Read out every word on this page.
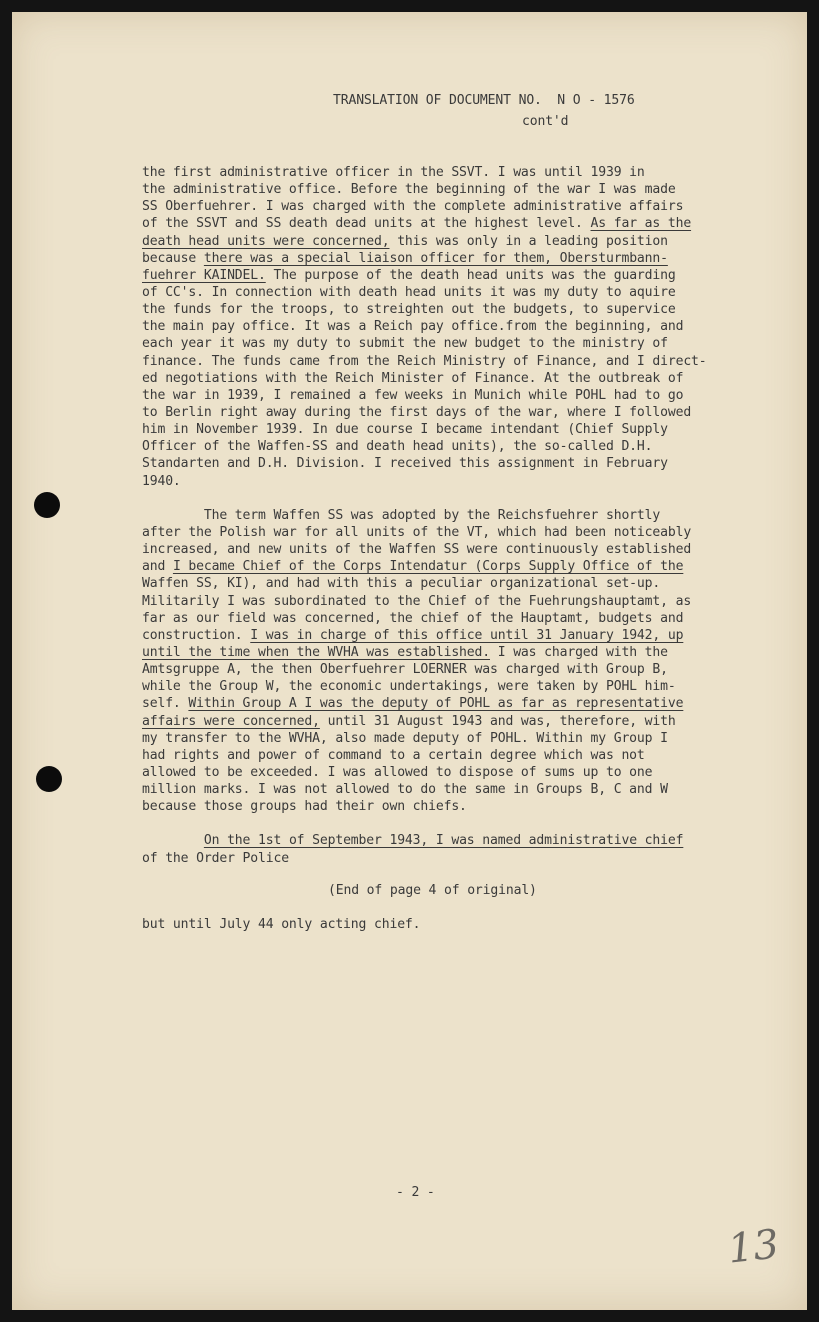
TRANSLATION OF DOCUMENT NO.  N O - 1576
cont'd
the first administrative officer in the SSVT. I was until 1939 in
the administrative office. Before the beginning of the war I was made
SS Oberfuehrer. I was charged with the complete administrative affairs
of the SSVT and SS death dead units at the highest level. As far as the
death head units were concerned, this was only in a leading position
because there was a special liaison officer for them, Obersturmbann-
fuehrer KAINDEL. The purpose of the death head units was the guarding
of CC's. In connection with death head units it was my duty to aquire
the funds for the troops, to streighten out the budgets, to supervice
the main pay office. It was a Reich pay office.from the beginning, and
each year it was my duty to submit the new budget to the ministry of
finance. The funds came from the Reich Ministry of Finance, and I direct-
ed negotiations with the Reich Minister of Finance. At the outbreak of
the war in 1939, I remained a few weeks in Munich while POHL had to go
to Berlin right away during the first days of the war, where I followed
him in November 1939. In due course I became intendant (Chief Supply
Officer of the Waffen-SS and death head units), the so-called D.H.
Standarten and D.H. Division. I received this assignment in February
1940.
The term Waffen SS was adopted by the Reichsfuehrer shortly
after the Polish war for all units of the VT, which had been noticeably
increased, and new units of the Waffen SS were continuously established
and I became Chief of the Corps Intendatur (Corps Supply Office of the
Waffen SS, KI), and had with this a peculiar organizational set-up.
Militarily I was subordinated to the Chief of the Fuehrungshauptamt, as
far as our field was concerned, the chief of the Hauptamt, budgets and
construction. I was in charge of this office until 31 January 1942, up
until the time when the WVHA was established. I was charged with the
Amtsgruppe A, the then Oberfuehrer LOERNER was charged with Group B,
while the Group W, the economic undertakings, were taken by POHL him-
self. Within Group A I was the deputy of POHL as far as representative
affairs were concerned, until 31 August 1943 and was, therefore, with
my transfer to the WVHA, also made deputy of POHL. Within my Group I
had rights and power of command to a certain degree which was not
allowed to be exceeded. I was allowed to dispose of sums up to one
million marks. I was not allowed to do the same in Groups B, C and W
because those groups had their own chiefs.
On the 1st of September 1943, I was named administrative chief
of the Order Police
(End of page 4 of original)
but until July 44 only acting chief.
- 2 -
13
